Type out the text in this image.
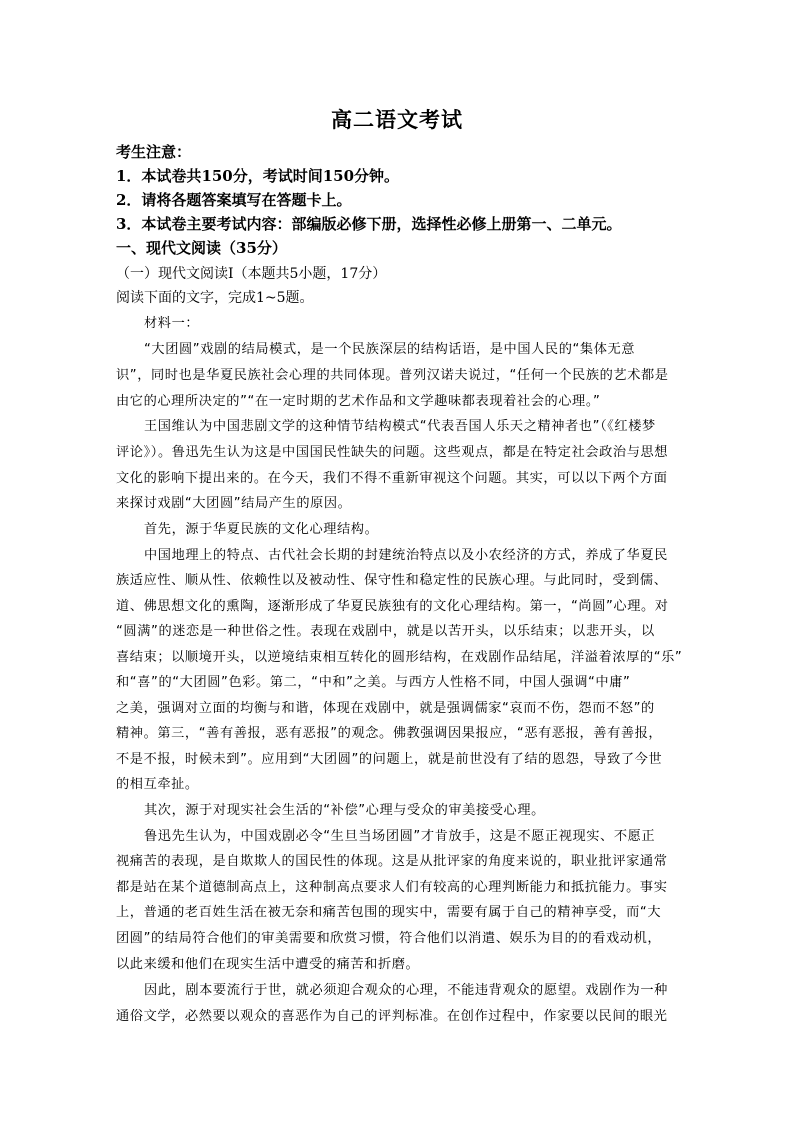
高二语文考试
考生注意：
1．本试卷共150分，考试时间150分钟。
2．请将各题答案填写在答题卡上。
3．本试卷主要考试内容：部编版必修下册，选择性必修上册第一、二单元。
一、现代文阅读（35分）
（一）现代文阅读Ⅰ（本题共5小题，17分）
阅读下面的文字，完成1~5题。
材料一：
“大团圆”戏剧的结局模式，是一个民族深层的结构话语，是中国人民的“集体无意
识”，同时也是华夏民族社会心理的共同体现。普列汉诺夫说过，“任何一个民族的艺术都是
由它的心理所决定的”“在一定时期的艺术作品和文学趣味都表现着社会的心理。”
王国维认为中国悲剧文学的这种情节结构模式“代表吾国人乐天之精神者也”（《红楼梦
评论》）。鲁迅先生认为这是中国国民性缺失的问题。这些观点，都是在特定社会政治与思想
文化的影响下提出来的。在今天，我们不得不重新审视这个问题。其实，可以以下两个方面
来探讨戏剧“大团圆”结局产生的原因。
首先，源于华夏民族的文化心理结构。
中国地理上的特点、古代社会长期的封建统治特点以及小农经济的方式，养成了华夏民
族适应性、顺从性、依赖性以及被动性、保守性和稳定性的民族心理。与此同时，受到儒、
道、佛思想文化的熏陶，逐渐形成了华夏民族独有的文化心理结构。第一，“尚圆”心理。对
“圆满”的迷恋是一种世俗之性。表现在戏剧中，就是以苦开头，以乐结束；以悲开头，以
喜结束；以顺境开头，以逆境结束相互转化的圆形结构，在戏剧作品结尾，洋溢着浓厚的“乐”
和“喜”的“大团圆”色彩。第二，“中和”之美。与西方人性格不同，中国人强调“中庸”
之美，强调对立面的均衡与和谐，体现在戏剧中，就是强调儒家“哀而不伤，怨而不怒”的
精神。第三，“善有善报，恶有恶报”的观念。佛教强调因果报应，“恶有恶报，善有善报，
不是不报，时候未到”。应用到“大团圆”的问题上，就是前世没有了结的恩怨，导致了今世
的相互牵扯。
其次，源于对现实社会生活的“补偿”心理与受众的审美接受心理。
鲁迅先生认为，中国戏剧必令“生旦当场团圆”才肯放手，这是不愿正视现实、不愿正
视痛苦的表现，是自欺欺人的国民性的体现。这是从批评家的角度来说的，职业批评家通常
都是站在某个道德制高点上，这种制高点要求人们有较高的心理判断能力和抵抗能力。事实
上，普通的老百姓生活在被无奈和痛苦包围的现实中，需要有属于自己的精神享受，而“大
团圆”的结局符合他们的审美需要和欣赏习惯，符合他们以消遣、娱乐为目的的看戏动机，
以此来缓和他们在现实生活中遭受的痛苦和折磨。
因此，剧本要流行于世，就必须迎合观众的心理，不能违背观众的愿望。戏剧作为一种
通俗文学，必然要以观众的喜恶作为自己的评判标准。在创作过程中，作家要以民间的眼光
